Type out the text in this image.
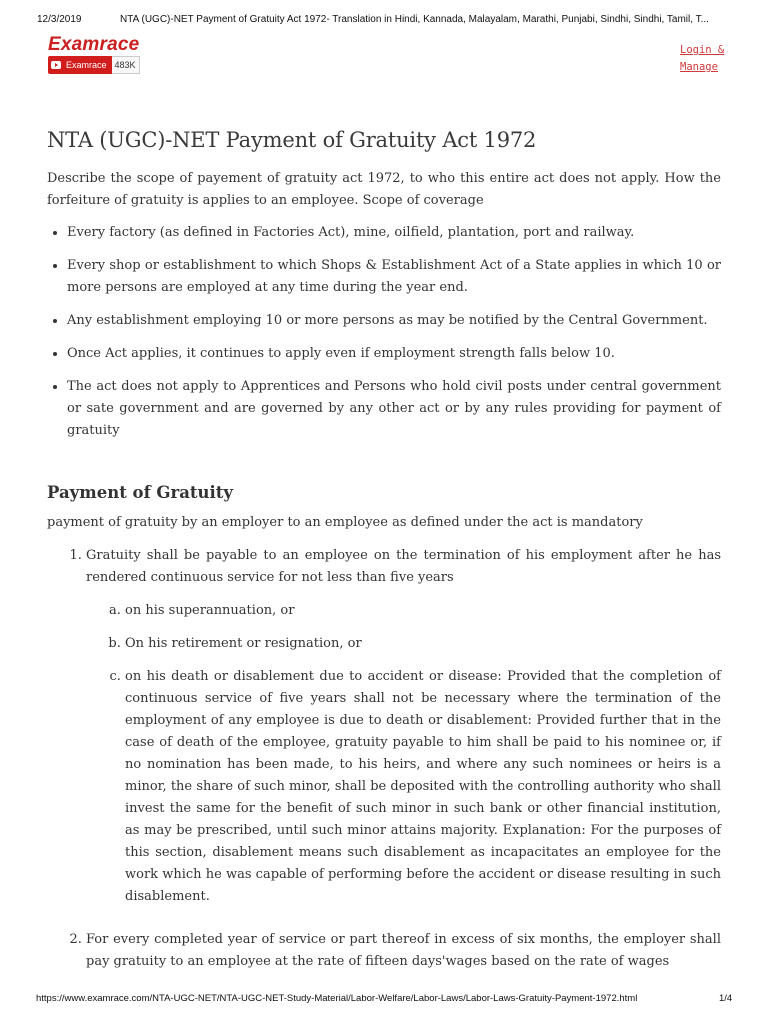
12/3/2019	NTA (UGC)-NET Payment of Gratuity Act 1972- Translation in Hindi, Kannada, Malayalam, Marathi, Punjabi, Sindhi, Sindhi, Tamil, T...
Examrace
Examrace 483K
Login &
Manage
NTA (UGC)-NET Payment of Gratuity Act 1972

Describe the scope of payement of gratuity act 1972, to who this entire act does not apply. How the forfeiture of gratuity is applies to an employee. Scope of coverage

• Every factory (as defined in Factories Act), mine, oilfield, plantation, port and railway.
• Every shop or establishment to which Shops & Establishment Act of a State applies in which 10 or more persons are employed at any time during the year end.
• Any establishment employing 10 or more persons as may be notified by the Central Government.
• Once Act applies, it continues to apply even if employment strength falls below 10.
• The act does not apply to Apprentices and Persons who hold civil posts under central government or sate government and are governed by any other act or by any rules providing for payment of gratuity
Payment of Gratuity

payment of gratuity by an employer to an employee as defined under the act is mandatory

1. Gratuity shall be payable to an employee on the termination of his employment after he has rendered continuous service for not less than five years
a. on his superannuation, or
b. On his retirement or resignation, or
c. on his death or disablement due to accident or disease: Provided that the completion of continuous service of five years shall not be necessary where the termination of the employment of any employee is due to death or disablement: Provided further that in the case of death of the employee, gratuity payable to him shall be paid to his nominee or, if no nomination has been made, to his heirs, and where any such nominees or heirs is a minor, the share of such minor, shall be deposited with the controlling authority who shall invest the same for the benefit of such minor in such bank or other financial institution, as may be prescribed, until such minor attains majority. Explanation: For the purposes of this section, disablement means such disablement as incapacitates an employee for the work which he was capable of performing before the accident or disease resulting in such disablement.
2. For every completed year of service or part thereof in excess of six months, the employer shall pay gratuity to an employee at the rate of fifteen days'wages based on the rate of wages
https://www.examrace.com/NTA-UGC-NET/NTA-UGC-NET-Study-Material/Labor-Welfare/Labor-Laws/Labor-Laws-Gratuity-Payment-1972.html	1/4
